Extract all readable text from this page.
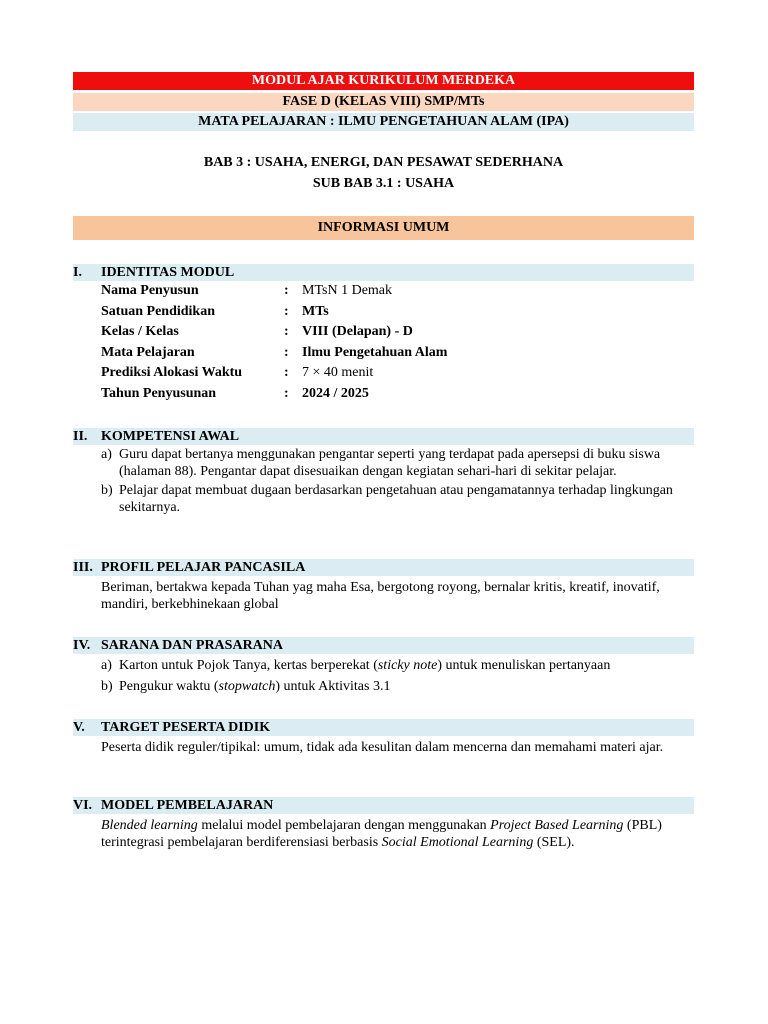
MODUL AJAR KURIKULUM MERDEKA
FASE D (KELAS VIII) SMP/MTs
MATA PELAJARAN : ILMU PENGETAHUAN ALAM (IPA)
BAB 3 : USAHA, ENERGI, DAN PESAWAT SEDERHANA
SUB BAB 3.1 : USAHA
INFORMASI UMUM
I.	IDENTITAS MODUL
Nama Penyusun	: MTsN 1 Demak
Satuan Pendidikan	: MTs
Kelas / Kelas	: VIII (Delapan) - D
Mata Pelajaran	: Ilmu Pengetahuan Alam
Prediksi Alokasi Waktu	: 7 × 40 menit
Tahun Penyusunan	: 2024 / 2025
II. KOMPETENSI AWAL
a) Guru dapat bertanya menggunakan pengantar seperti yang terdapat pada apersepsi di buku siswa (halaman 88). Pengantar dapat disesuaikan dengan kegiatan sehari-hari di sekitar pelajar.
b) Pelajar dapat membuat dugaan berdasarkan pengetahuan atau pengamatannya terhadap lingkungan sekitarnya.
III. PROFIL PELAJAR PANCASILA
Beriman, bertakwa kepada Tuhan yag maha Esa, bergotong royong, bernalar kritis, kreatif, inovatif, mandiri, berkebhinekaan global
IV. SARANA DAN PRASARANA
a) Karton untuk Pojok Tanya, kertas berperekat (sticky note) untuk menuliskan pertanyaan
b) Pengukur waktu (stopwatch) untuk Aktivitas 3.1
V.	TARGET PESERTA DIDIK
Peserta didik reguler/tipikal: umum, tidak ada kesulitan dalam mencerna dan memahami materi ajar.
VI. MODEL PEMBELAJARAN
Blended learning melalui model pembelajaran dengan menggunakan Project Based Learning (PBL) terintegrasi pembelajaran berdiferensiasi berbasis Social Emotional Learning (SEL).
